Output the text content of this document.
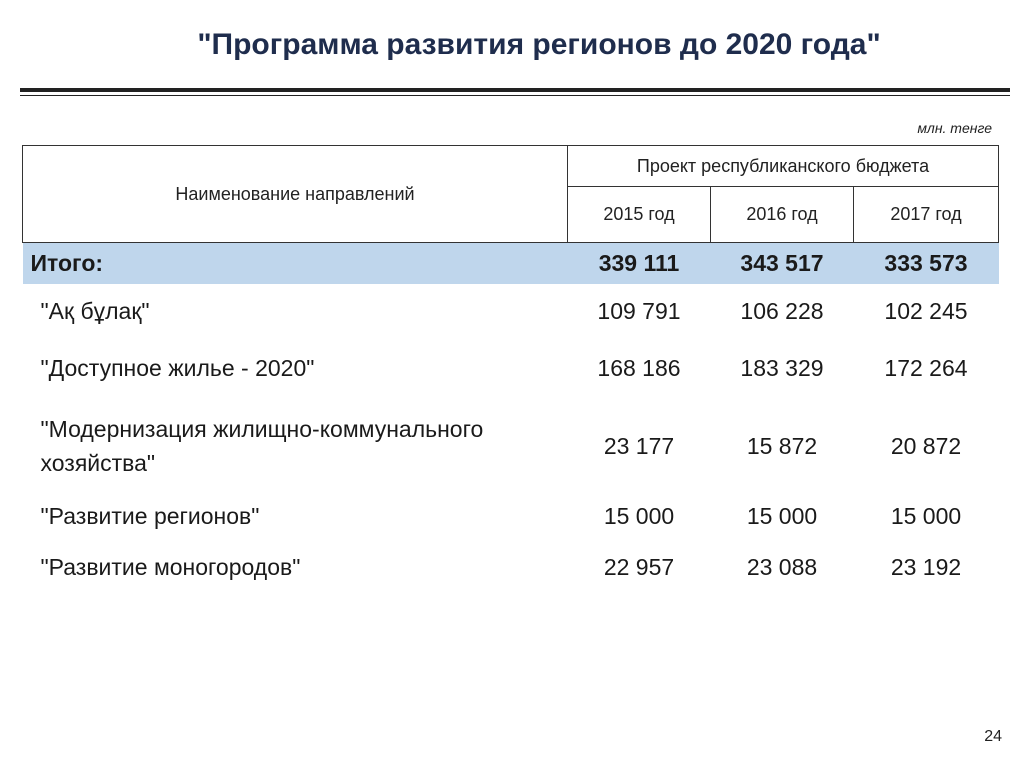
"Программа развития регионов до 2020 года"
млн. тенге
Наименование направлений	Проект республиканского бюджета		
	2015 год	2016 год	2017 год
Итого:	339 111	343 517	333 573
"Ақ бұлақ"	109 791	106 228	102 245
"Доступное жилье - 2020"	168 186	183 329	172 264
"Модернизация жилищно-коммунального хозяйства"	23 177	15 872	20 872
"Развитие регионов"	15 000	15 000	15 000
"Развитие моногородов"	22 957	23 088	23 192
24
